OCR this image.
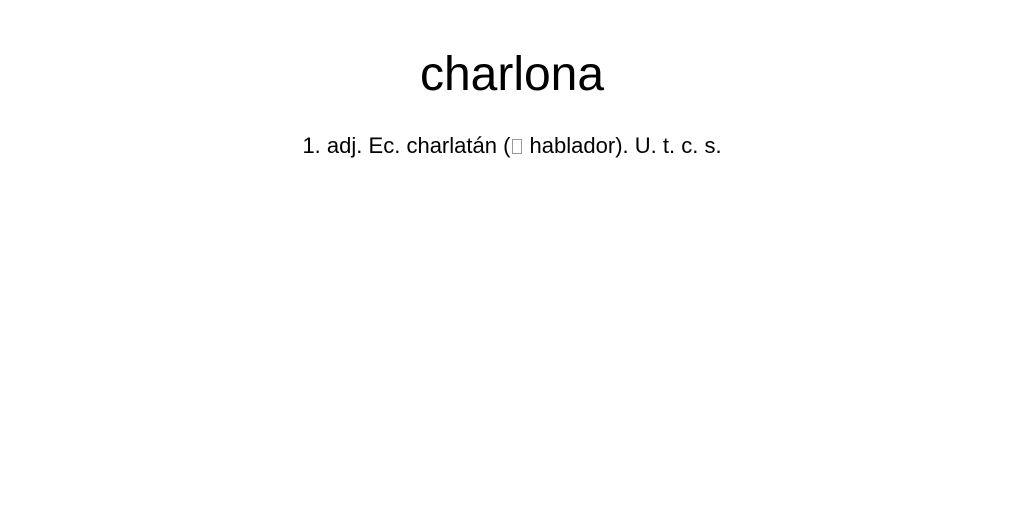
charlona

1. adj. Ec. charlatán ( hablador). U. t. c. s.
